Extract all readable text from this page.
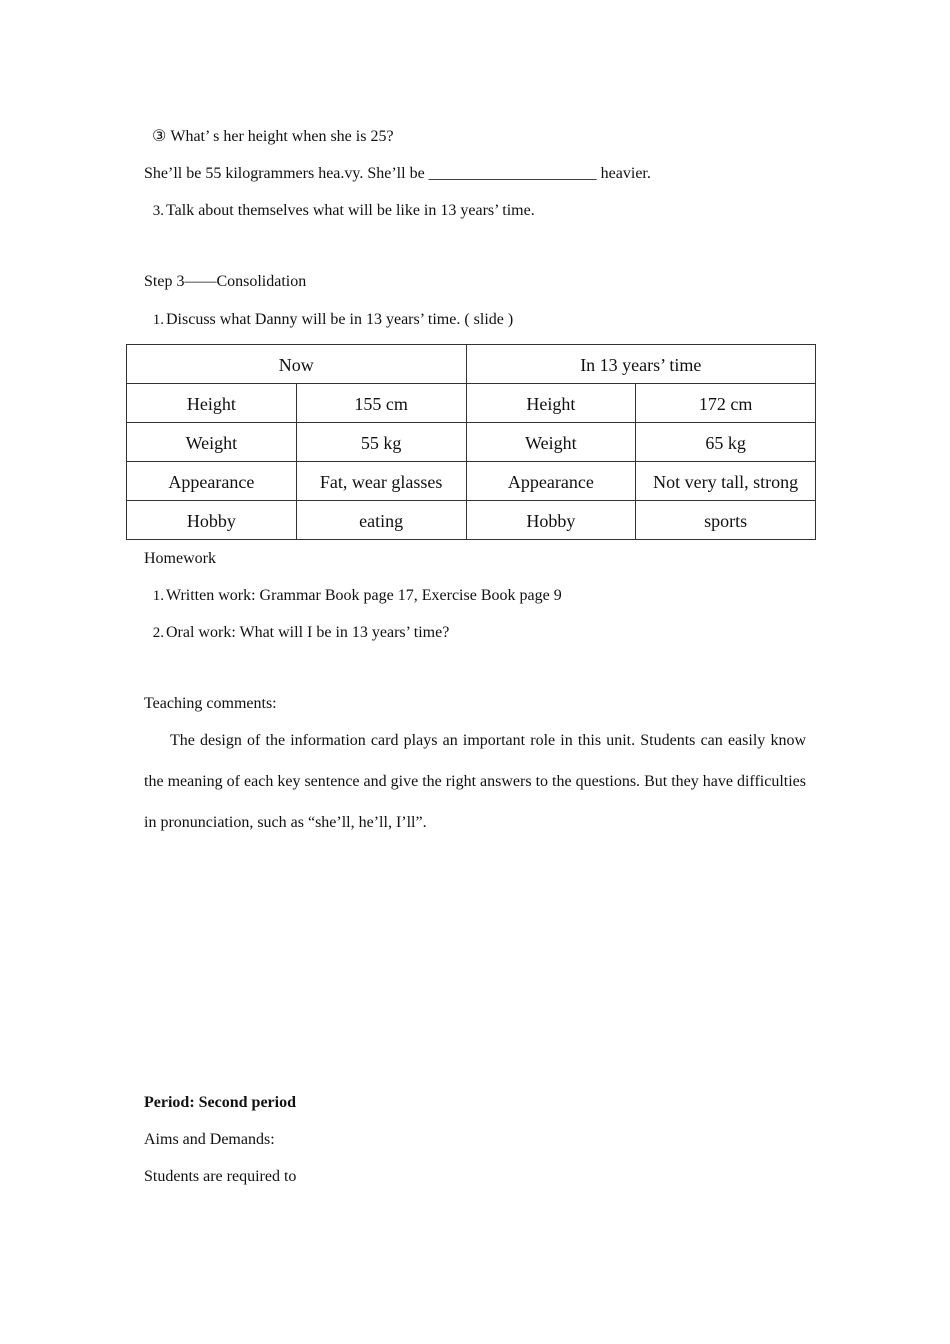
③ What’ s her height when she is 25?
She’ll be 55 kilogrammers hea.vy. She’ll be _____________________ heavier.
3. Talk about themselves what will be like in 13 years’ time.
Step 3——Consolidation
1. Discuss what Danny will be in 13 years’ time. ( slide )
Now		In 13 years’ time	
Height	155 cm	Height	172 cm
Weight	55 kg	Weight	65 kg
Appearance	Fat, wear glasses	Appearance	Not very tall, strong
Hobby	eating	Hobby	sports
Homework
1. Written work: Grammar Book page 17, Exercise Book page 9
2. Oral work: What will I be in 13 years’ time?
Teaching comments:
The design of the information card plays an important role in this unit. Students can easily know the meaning of each key sentence and give the right answers to the questions. But they have difficulties in pronunciation, such as “she’ll, he’ll, I’ll”.
Period: Second period
Aims and Demands:
Students are required to
